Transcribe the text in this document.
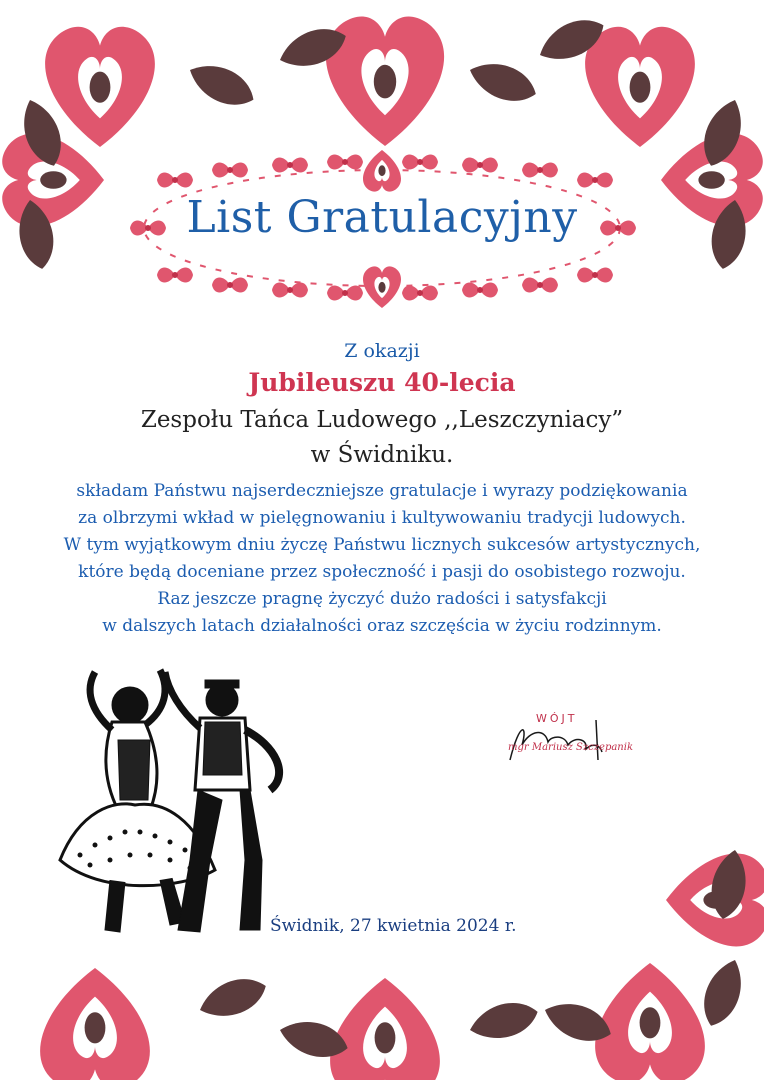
List Gratulacyjny
Z okazji
Jubileuszu 40-lecia
Zespołu Tańca Ludowego ,,Leszczyniacy”
w Świdniku.
składam Państwu najserdeczniejsze gratulacje i wyrazy podziękowania
za olbrzymi wkład w pielęgnowaniu i kultywowaniu tradycji ludowych.
W tym wyjątkowym dniu życzę Państwu licznych sukcesów artystycznych,
które będą doceniane przez społeczność i pasji do osobistego rozwoju.
Raz jeszcze pragnę życzyć dużo radości i satysfakcji
w dalszych latach działalności oraz szczęścia w życiu rodzinnym.
WÓJT
mgr Mariusz Szczepanik
Świdnik, 27 kwietnia 2024 r.
